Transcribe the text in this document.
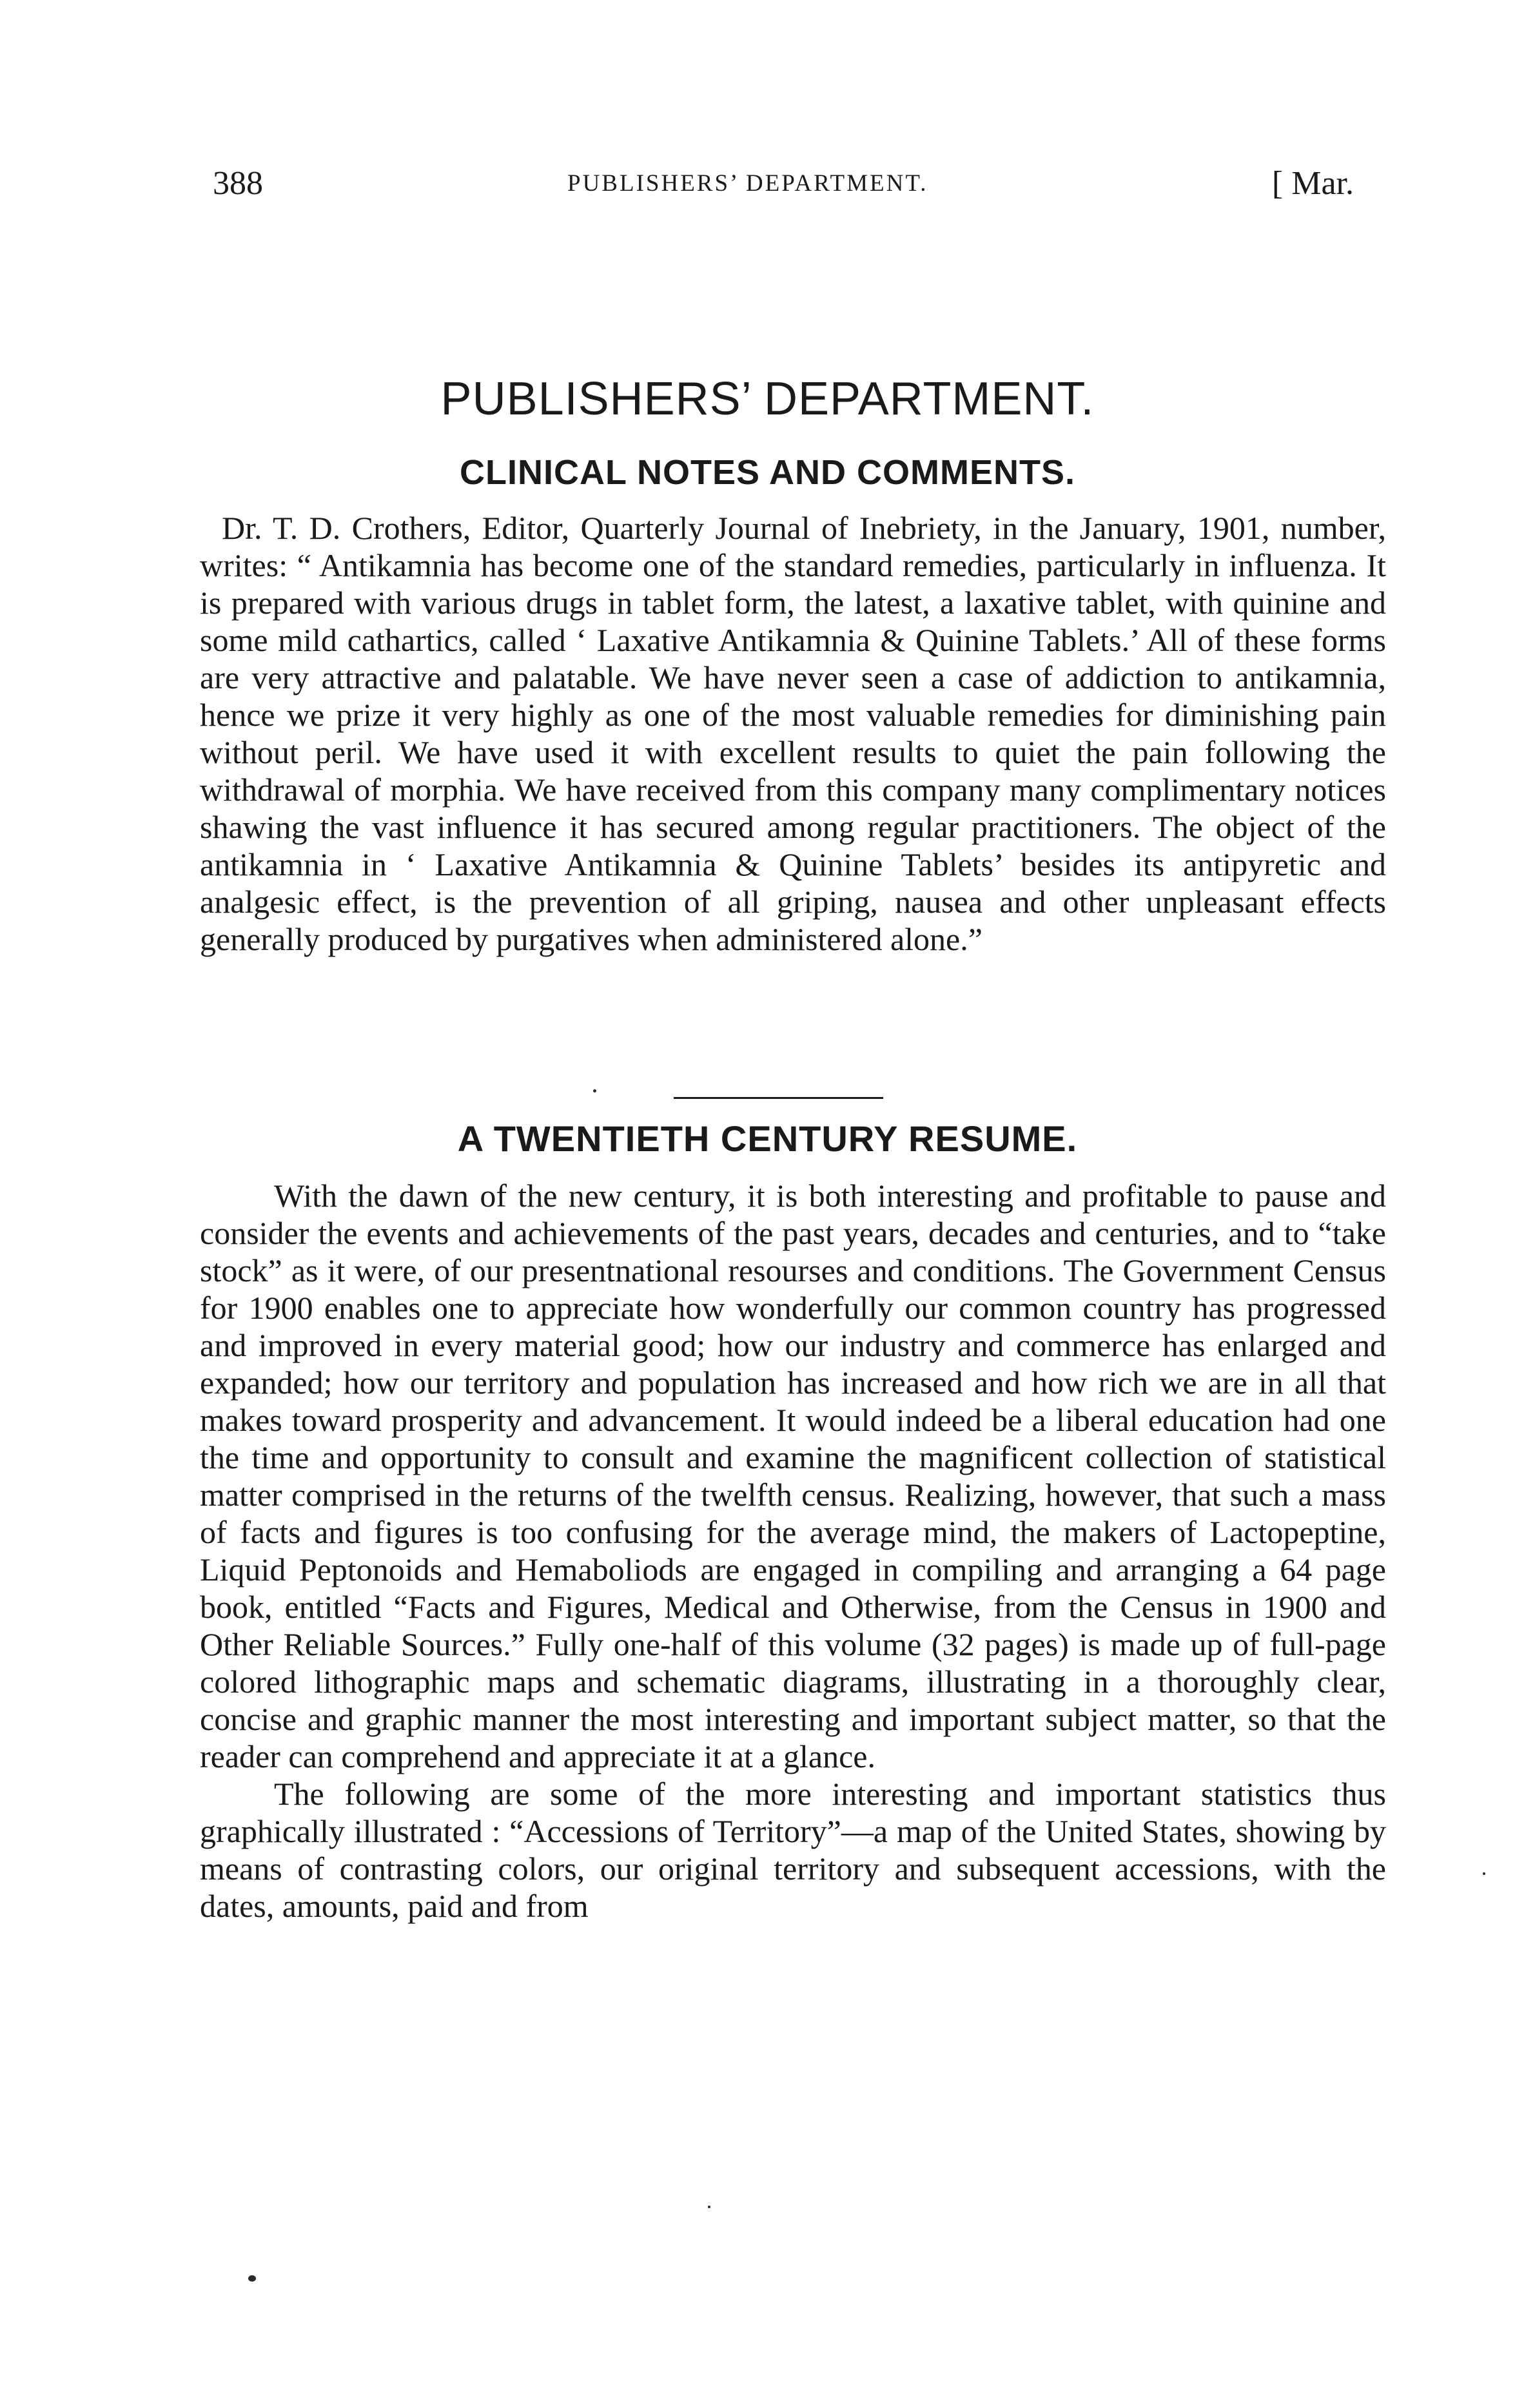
388	PUBLISHERS’ DEPARTMENT.	[ Mar.
PUBLISHERS’ DEPARTMENT.
CLINICAL NOTES AND COMMENTS.

Dr. T. D. Crothers, Editor, Quarterly Journal of Inebriety, in the January, 1901, number, writes: “ Antikamnia has become one of the standard remedies, particularly in influenza. It is prepared with various drugs in tablet form, the latest, a laxative tablet, with quinine and some mild cathartics, called ‘ Laxative Antikamnia & Quinine Tablets.’ All of these forms are very attractive and palatable. We have never seen a case of addiction to antikamnia, hence we prize it very highly as one of the most valuable remedies for diminishing pain without peril. We have used it with excellent results to quiet the pain following the withdrawal of morphia. We have received from this company many complimentary notices shawing the vast influence it has secured among regular practitioners. The object of the antikamnia in ‘ Laxative Antikamnia & Quinine Tablets’ besides its antipyretic and analgesic effect, is the prevention of all griping, nausea and other unpleasant effects generally produced by purgatives when administered alone.”

A TWENTIETH CENTURY RESUME.

With the dawn of the new century, it is both interesting and profitable to pause and consider the events and achievements of the past years, decades and centuries, and to “take stock” as it were, of our presentnational resourses and conditions. The Government Census for 1900 enables one to appreciate how wonderfully our common country has progressed and improved in every material good; how our industry and commerce has enlarged and expanded; how our territory and population has increased and how rich we are in all that makes toward prosperity and advancement. It would indeed be a liberal education had one the time and opportunity to consult and examine the magnificent collection of statistical matter comprised in the returns of the twelfth census. Realizing, however, that such a mass of facts and figures is too confusing for the average mind, the makers of Lactopeptine, Liquid Peptonoids and Hemaboliods are engaged in compiling and arranging a 64 page book, entitled “Facts and Figures, Medical and Otherwise, from the Census in 1900 and Other Reliable Sources.” Fully one-half of this volume (32 pages) is made up of full-page colored lithographic maps and schematic diagrams, illustrating in a thoroughly clear, concise and graphic manner the most interesting and important subject matter, so that the reader can comprehend and appreciate it at a glance.

The following are some of the more interesting and important statistics thus graphically illustrated : “Accessions of Territory”—a map of the United States, showing by means of contrasting colors, our original territory and subsequent accessions, with the dates, amounts, paid and from
